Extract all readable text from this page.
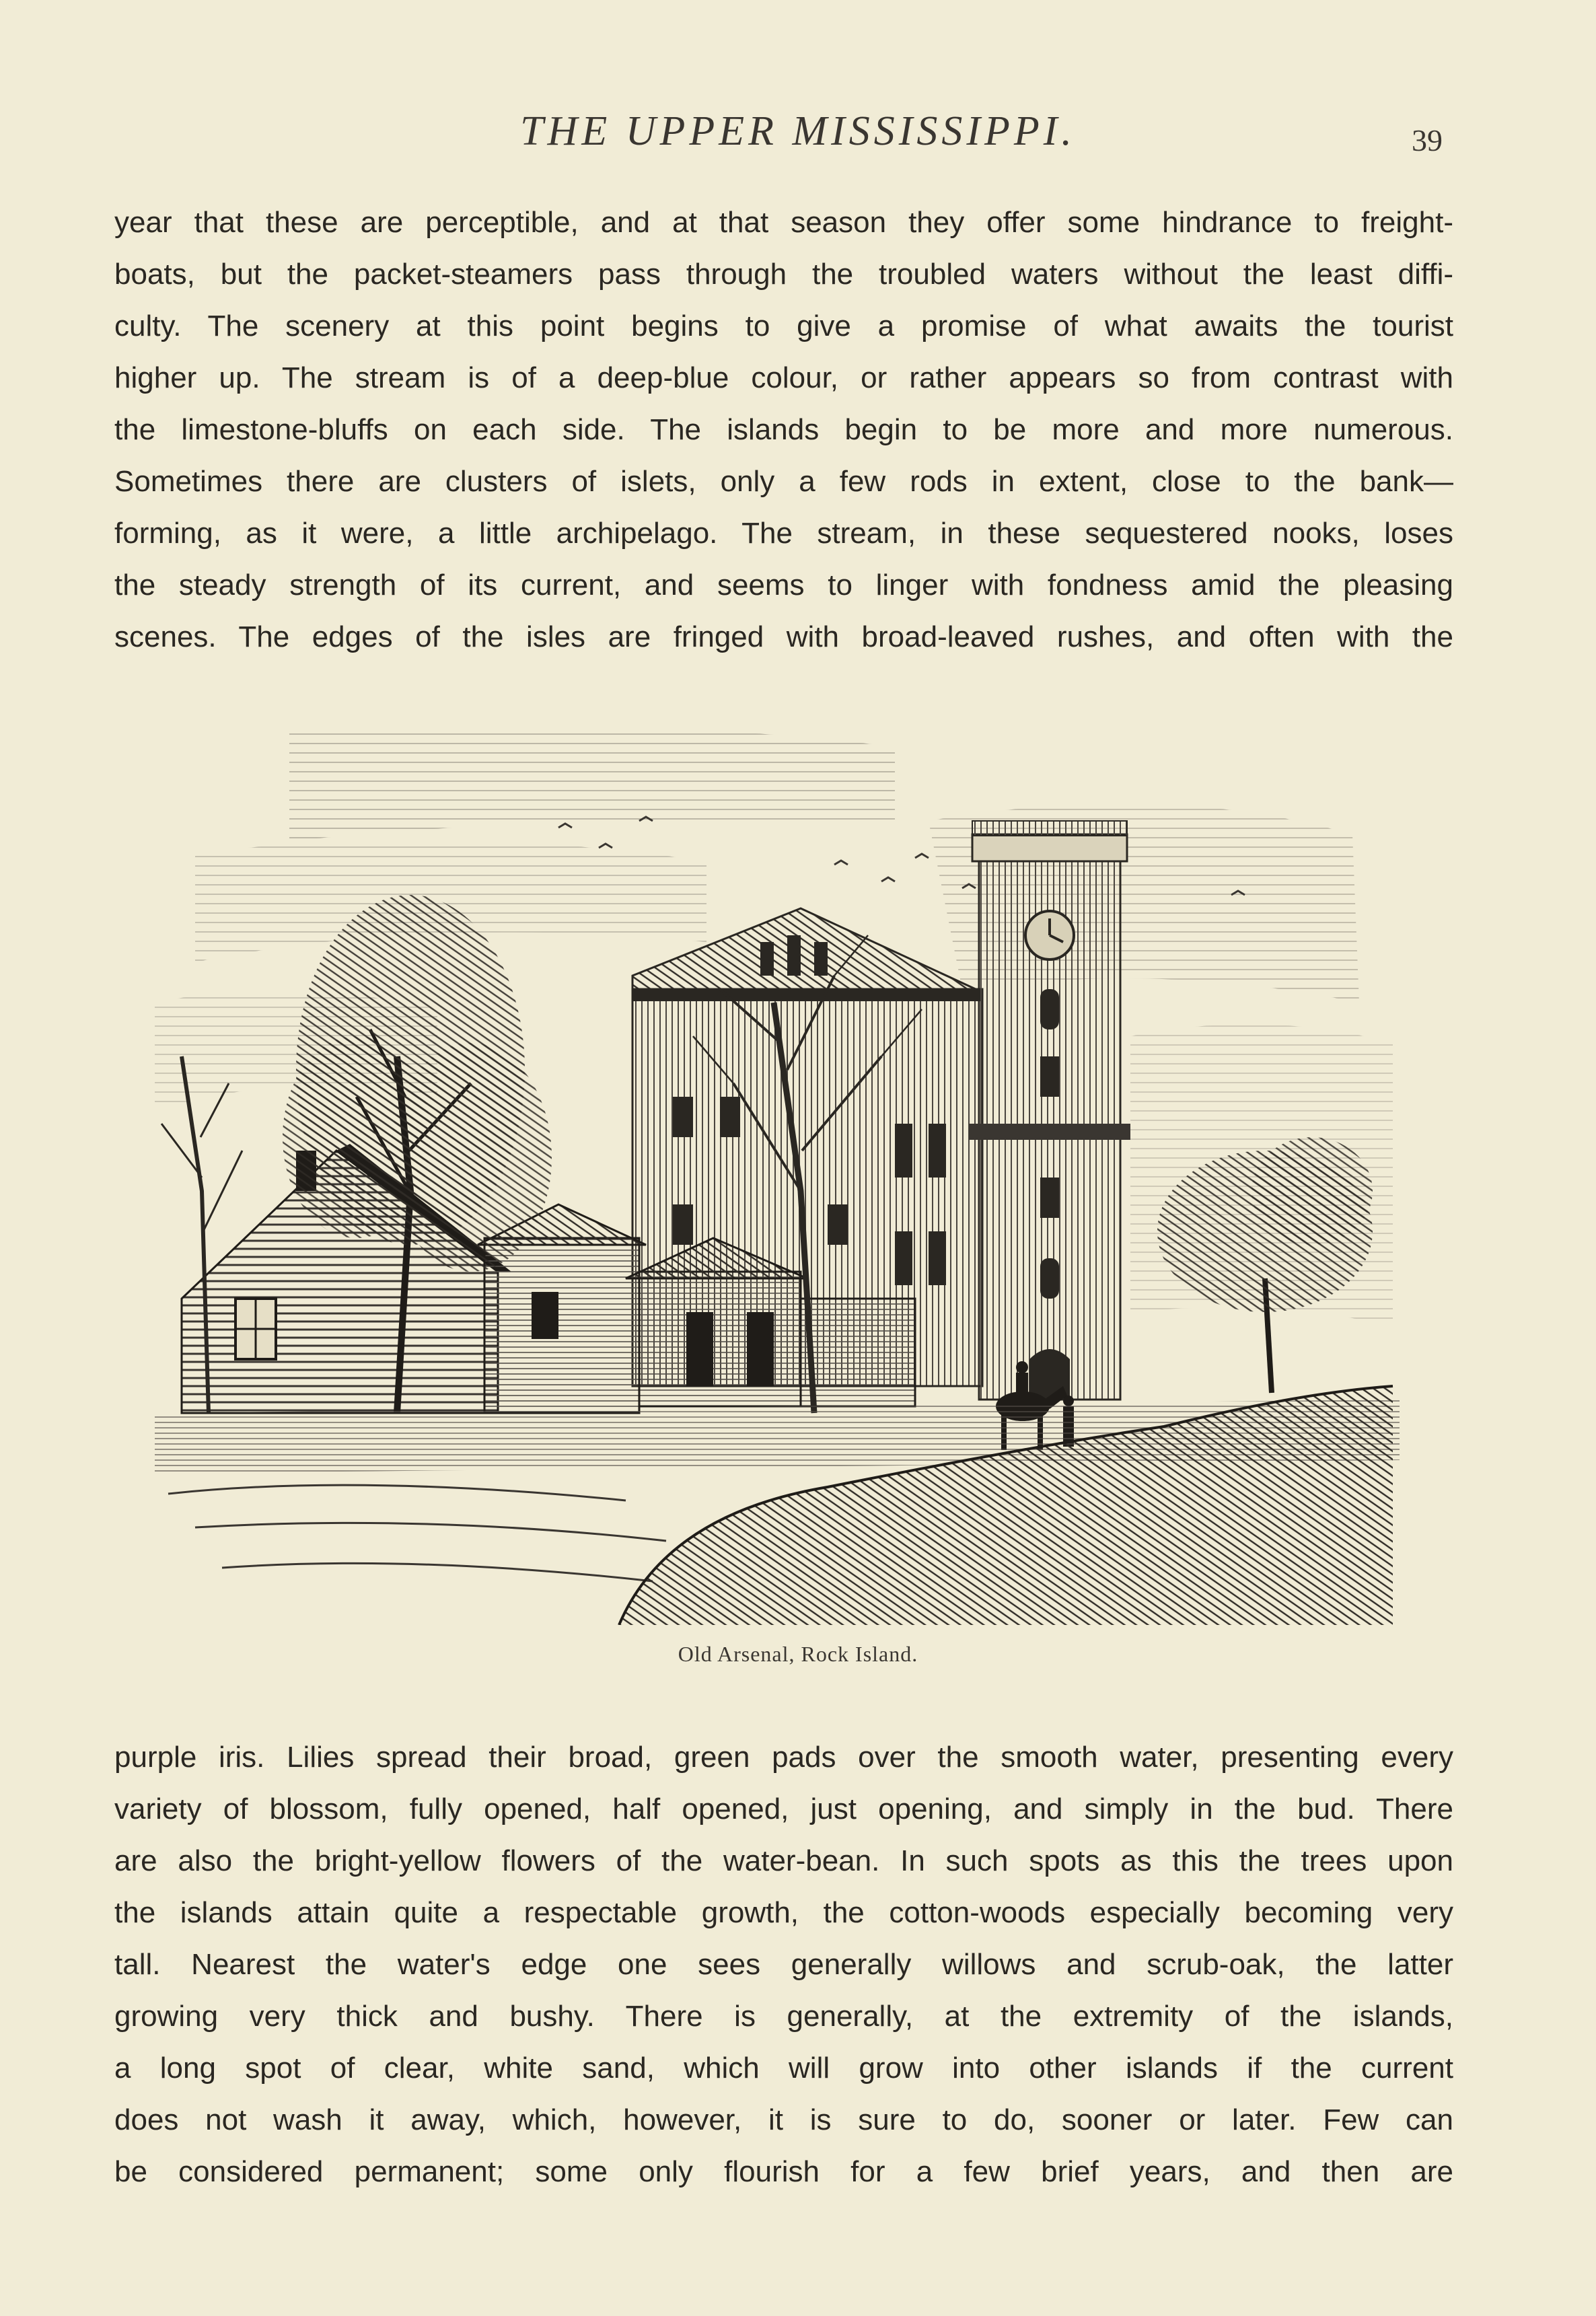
THE UPPER MISSISSIPPI.	39
year that these are perceptible, and at that season they offer some hindrance to freight-
boats, but the packet-steamers pass through the troubled waters without the least diffi-
culty. The scenery at this point begins to give a promise of what awaits the tourist
higher up. The stream is of a deep-blue colour, or rather appears so from contrast with
the limestone-bluffs on each side. The islands begin to be more and more numerous.
Sometimes there are clusters of islets, only a few rods in extent, close to the bank—
forming, as it were, a little archipelago. The stream, in these sequestered nooks, loses
the steady strength of its current, and seems to linger with fondness amid the pleasing
scenes. The edges of the isles are fringed with broad-leaved rushes, and often with the
Old Arsenal, Rock Island.
purple iris. Lilies spread their broad, green pads over the smooth water, presenting every
variety of blossom, fully opened, half opened, just opening, and simply in the bud. There
are also the bright-yellow flowers of the water-bean. In such spots as this the trees upon
the islands attain quite a respectable growth, the cotton-woods especially becoming very
tall. Nearest the water's edge one sees generally willows and scrub-oak, the latter
growing very thick and bushy. There is generally, at the extremity of the islands,
a long spot of clear, white sand, which will grow into other islands if the current
does not wash it away, which, however, it is sure to do, sooner or later. Few can
be considered permanent; some only flourish for a few brief years, and then are
